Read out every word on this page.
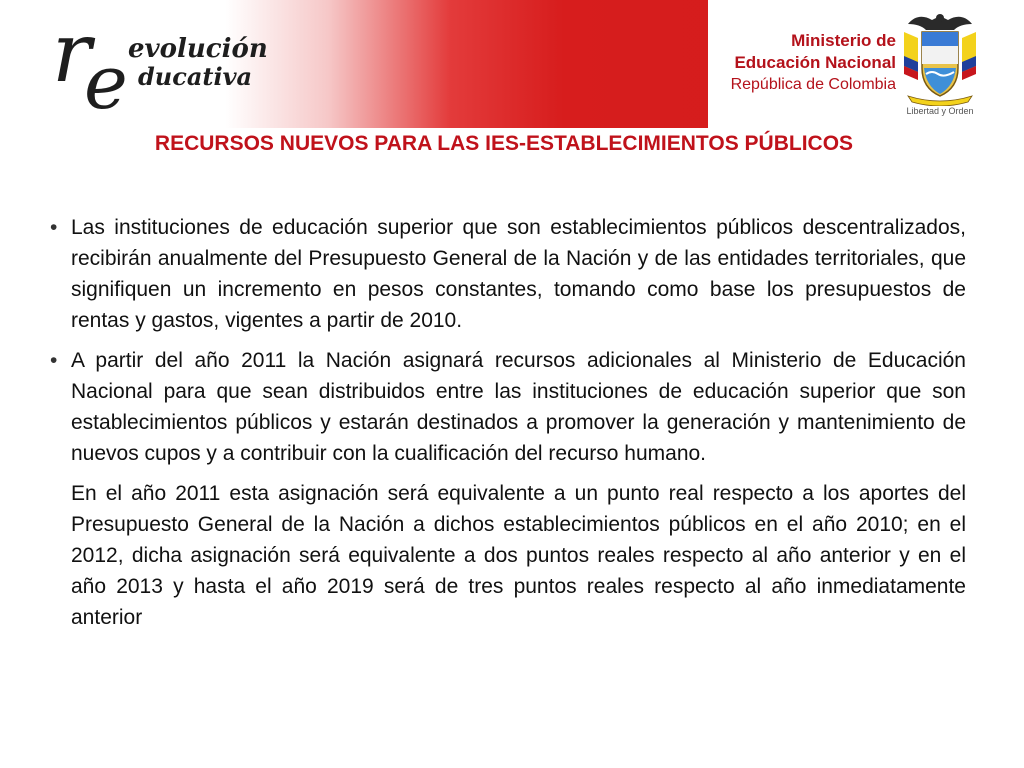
r evolución
e ducativa
Ministerio de
Educación Nacional
República de Colombia
Libertad y Orden
RECURSOS NUEVOS PARA LAS IES-ESTABLECIMIENTOS PÚBLICOS

• Las instituciones de educación superior que son establecimientos públicos descentralizados, recibirán anualmente del Presupuesto General de la Nación y de las entidades territoriales, que signifiquen un incremento en pesos constantes, tomando como base los presupuestos de rentas y gastos, vigentes a partir de 2010.

• A partir del año 2011 la Nación asignará recursos adicionales al Ministerio de Educación Nacional para que sean distribuidos entre las instituciones de educación superior que son establecimientos públicos y estarán destinados a promover la generación y mantenimiento de nuevos cupos y a contribuir con la cualificación del recurso humano.

En el año 2011 esta asignación será equivalente a un punto real respecto a los aportes del Presupuesto General de la Nación a dichos establecimientos públicos en el año 2010; en el 2012, dicha asignación será equivalente a dos puntos reales respecto al año anterior y en el año 2013 y hasta el año 2019 será de tres puntos reales respecto al año inmediatamente anterior
